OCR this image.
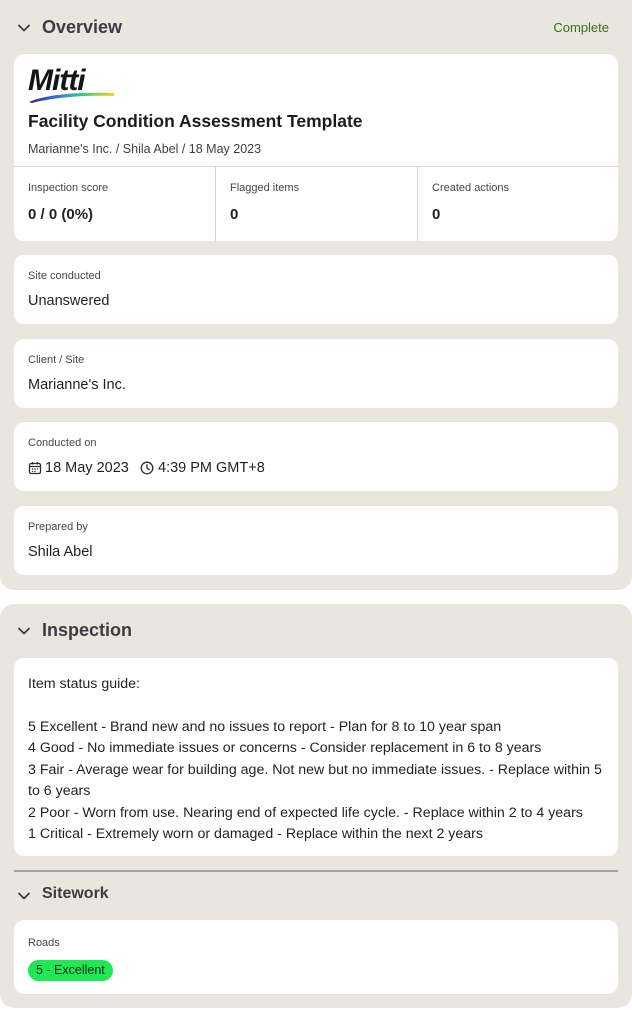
Overview	Complete
Mitti
Facility Condition Assessment Template
Marianne's Inc. / Shila Abel / 18 May 2023
Inspection score
0 / 0 (0%)
Flagged items
0
Created actions
0
Site conducted
Unanswered
Client / Site
Marianne's Inc.
Conducted on
18 May 2023 4:39 PM GMT+8
Prepared by
Shila Abel
Inspection

Item status guide:

5 Excellent - Brand new and no issues to report - Plan for 8 to 10 year span

4 Good - No immediate issues or concerns - Consider replacement in 6 to 8 years

3 Fair - Average wear for building age. Not new but no immediate issues. - Replace within 5 to 6 years

2 Poor - Worn from use. Nearing end of expected life cycle. - Replace within 2 to 4 years

1 Critical - Extremely worn or damaged - Replace within the next 2 years

Sitework
Roads
5 - Excellent
